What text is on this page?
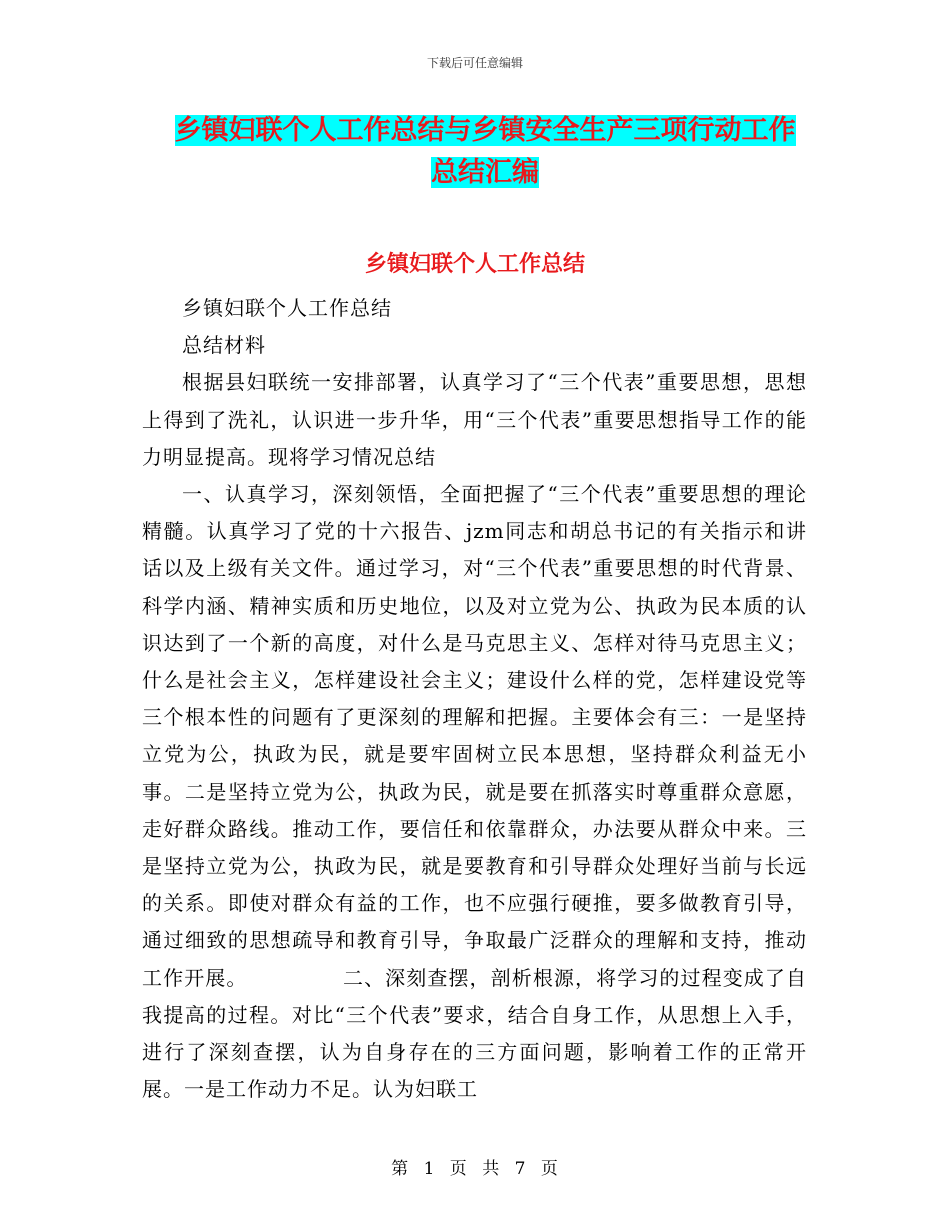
下载后可任意编辑
乡镇妇联个人工作总结与乡镇安全生产三项行动工作
总结汇编
乡镇妇联个人工作总结

乡镇妇联个人工作总结

总结材料

根据县妇联统一安排部署，认真学习了“三个代表”重要思想，思想上得到了洗礼，认识进一步升华，用“三个代表”重要思想指导工作的能力明显提高。现将学习情况总结

一、认真学习，深刻领悟，全面把握了“三个代表”重要思想的理论精髓。认真学习了党的十六报告、jzm同志和胡总书记的有关指示和讲话以及上级有关文件。通过学习，对“三个代表”重要思想的时代背景、科学内涵、精神实质和历史地位，以及对立党为公、执政为民本质的认识达到了一个新的高度，对什么是马克思主义、怎样对待马克思主义；什么是社会主义，怎样建设社会主义；建设什么样的党，怎样建设党等三个根本性的问题有了更深刻的理解和把握。主要体会有三：一是坚持立党为公，执政为民，就是要牢固树立民本思想，坚持群众利益无小事。二是坚持立党为公，执政为民，就是要在抓落实时尊重群众意愿，走好群众路线。推动工作，要信任和依靠群众，办法要从群众中来。三是坚持立党为公，执政为民，就是要教育和引导群众处理好当前与长远的关系。即使对群众有益的工作，也不应强行硬推，要多做教育引导，通过细致的思想疏导和教育引导，争取最广泛群众的理解和支持，推动工作开展。　　　　　二、深刻查摆，剖析根源，将学习的过程变成了自我提高的过程。对比“三个代表”要求，结合自身工作，从思想上入手，进行了深刻查摆，认为自身存在的三方面问题，影响着工作的正常开展。一是工作动力不足。认为妇联工

第 1 页 共 7 页
